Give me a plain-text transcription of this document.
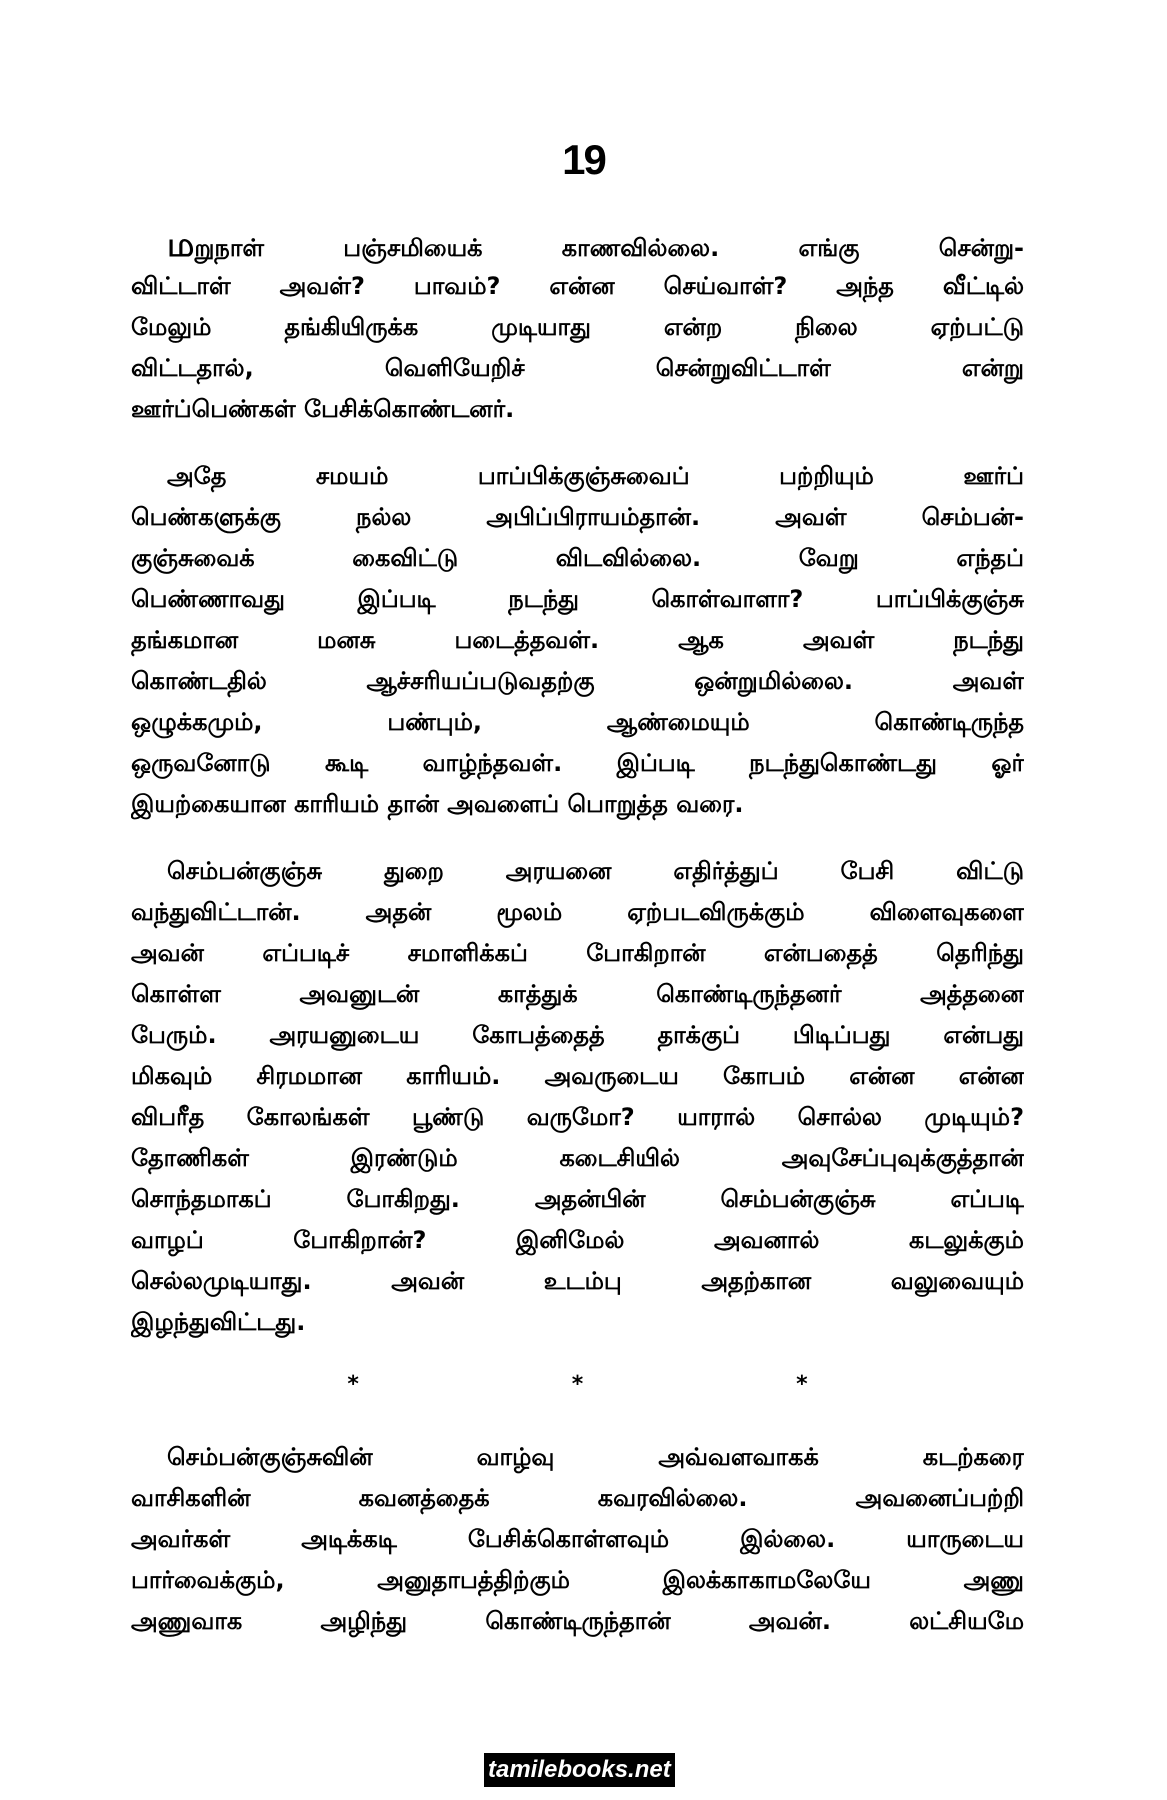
19
மறுநாள் பஞ்சமியைக் காணவில்லை. எங்கு சென்று-
விட்டாள் அவள்? பாவம்? என்ன செய்வாள்? அந்த வீட்டில்
மேலும் தங்கியிருக்க முடியாது என்ற நிலை ஏற்பட்டு
விட்டதால், வெளியேறிச் சென்றுவிட்டாள் என்று
ஊர்ப்பெண்கள் பேசிக்கொண்டனர்.
அதே சமயம் பாப்பிக்குஞ்சுவைப் பற்றியும் ஊர்ப்
பெண்களுக்கு நல்ல அபிப்பிராயம்தான். அவள் செம்பன்-
குஞ்சுவைக் கைவிட்டு விடவில்லை. வேறு எந்தப்
பெண்ணாவது இப்படி நடந்து கொள்வாளா? பாப்பிக்குஞ்சு
தங்கமான மனசு படைத்தவள். ஆக அவள் நடந்து
கொண்டதில் ஆச்சரியப்படுவதற்கு ஒன்றுமில்லை. அவள்
ஒழுக்கமும், பண்பும், ஆண்மையும் கொண்டிருந்த
ஒருவனோடு கூடி வாழ்ந்தவள். இப்படி நடந்துகொண்டது ஓர்
இயற்கையான காரியம் தான் அவளைப் பொறுத்த வரை.
செம்பன்குஞ்சு துறை அரயனை எதிர்த்துப் பேசி விட்டு
வந்துவிட்டான். அதன் மூலம் ஏற்படவிருக்கும் விளைவுகளை
அவன் எப்படிச் சமாளிக்கப் போகிறான் என்பதைத் தெரிந்து
கொள்ள அவனுடன் காத்துக் கொண்டிருந்தனர் அத்தனை
பேரும். அரயனுடைய கோபத்தைத் தாக்குப் பிடிப்பது என்பது
மிகவும் சிரமமான காரியம். அவருடைய கோபம் என்ன என்ன
விபரீத கோலங்கள் பூண்டு வருமோ? யாரால் சொல்ல முடியும்?
தோணிகள் இரண்டும் கடைசியில் அவுசேப்புவுக்குத்தான்
சொந்தமாகப் போகிறது. அதன்பின் செம்பன்குஞ்சு எப்படி
வாழப் போகிறான்? இனிமேல் அவனால் கடலுக்கும்
செல்லமுடியாது. அவன் உடம்பு அதற்கான வலுவையும்
இழந்துவிட்டது.
*	*	*
செம்பன்குஞ்சுவின் வாழ்வு அவ்வளவாகக் கடற்கரை
வாசிகளின் கவனத்தைக் கவரவில்லை. அவனைப்பற்றி
அவர்கள் அடிக்கடி பேசிக்கொள்ளவும் இல்லை. யாருடைய
பார்வைக்கும், அனுதாபத்திற்கும் இலக்காகாமலேயே அணு
அணுவாக அழிந்து கொண்டிருந்தான் அவன். லட்சியமே
tamilebooks.net
